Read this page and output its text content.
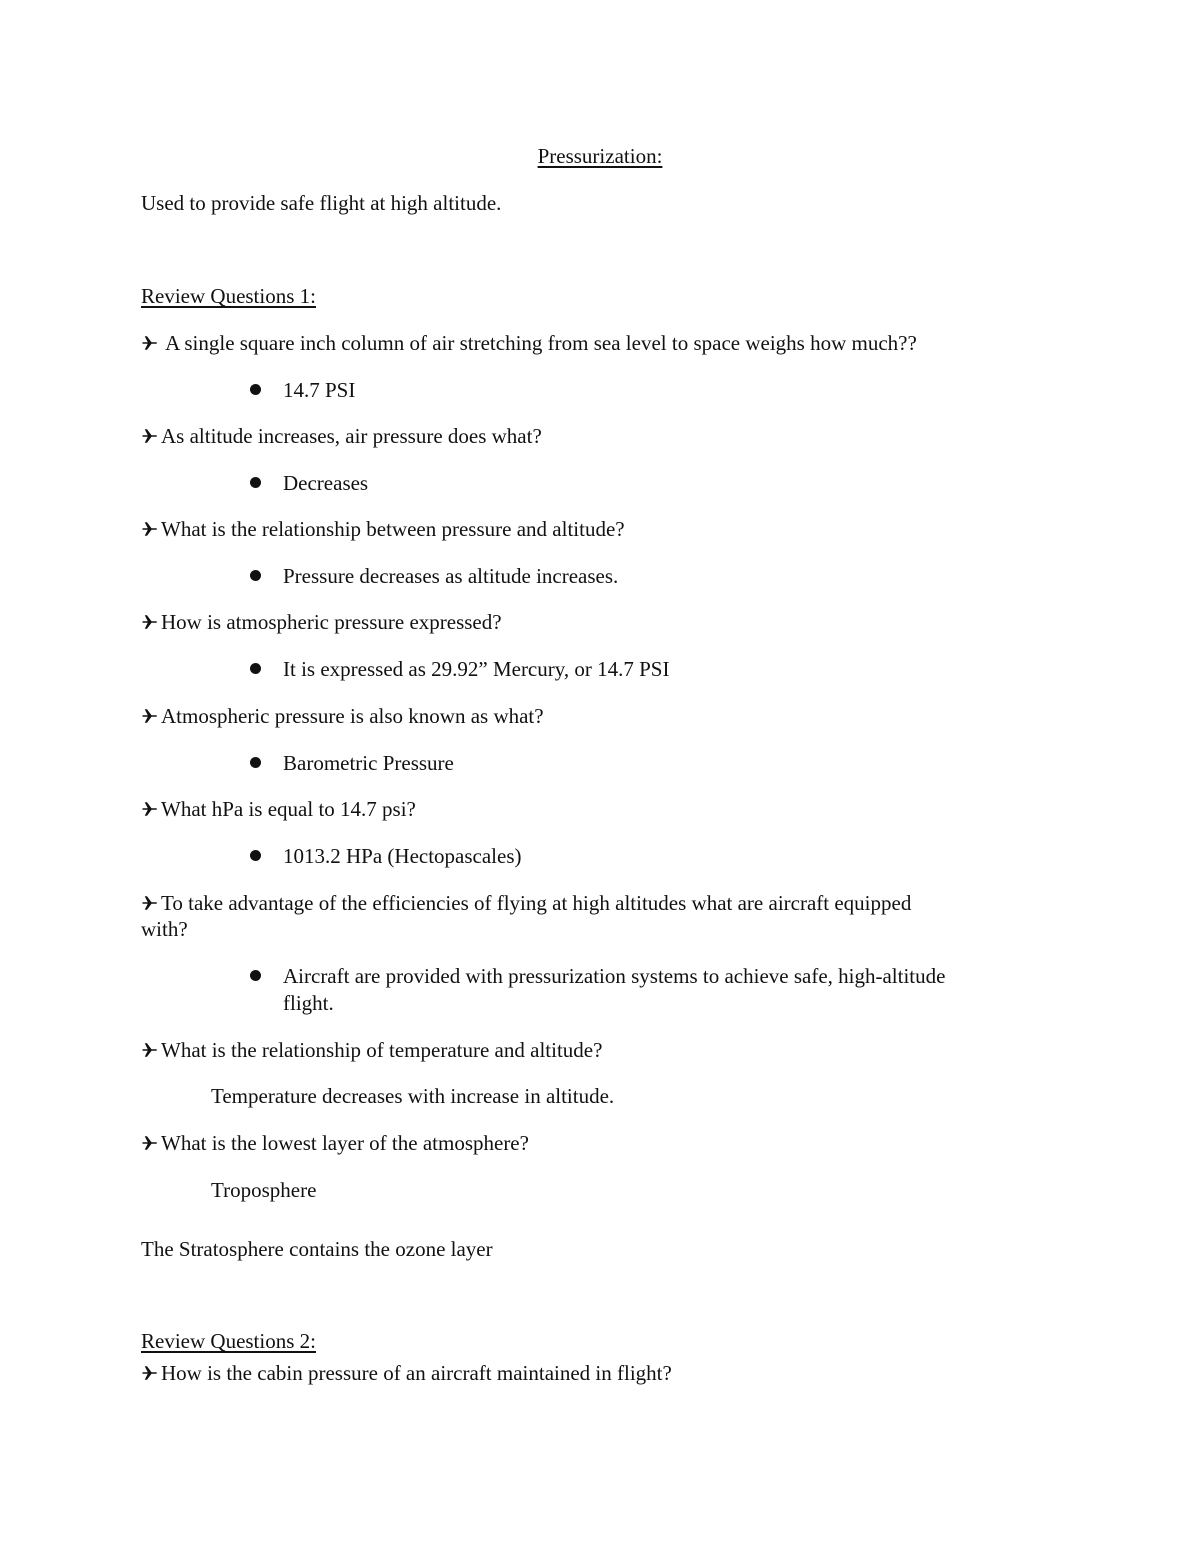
Pressurization:
Used to provide safe flight at high altitude.
Review Questions 1:
A single square inch column of air stretching from sea level to space weighs how much??
14.7 PSI
As altitude increases, air pressure does what?
Decreases
What is the relationship between pressure and altitude?
Pressure decreases as altitude increases.
How is atmospheric pressure expressed?
It is expressed as 29.92” Mercury, or 14.7 PSI
Atmospheric pressure is also known as what?
Barometric Pressure
What hPa is equal to 14.7 psi?
1013.2 HPa (Hectopascales)
To take advantage of the efficiencies of flying at high altitudes what are aircraft equipped
with?
Aircraft are provided with pressurization systems to achieve safe, high-altitude
flight.
What is the relationship of temperature and altitude?
Temperature decreases with increase in altitude.
What is the lowest layer of the atmosphere?
Troposphere
The Stratosphere contains the ozone layer
Review Questions 2:
How is the cabin pressure of an aircraft maintained in flight?
